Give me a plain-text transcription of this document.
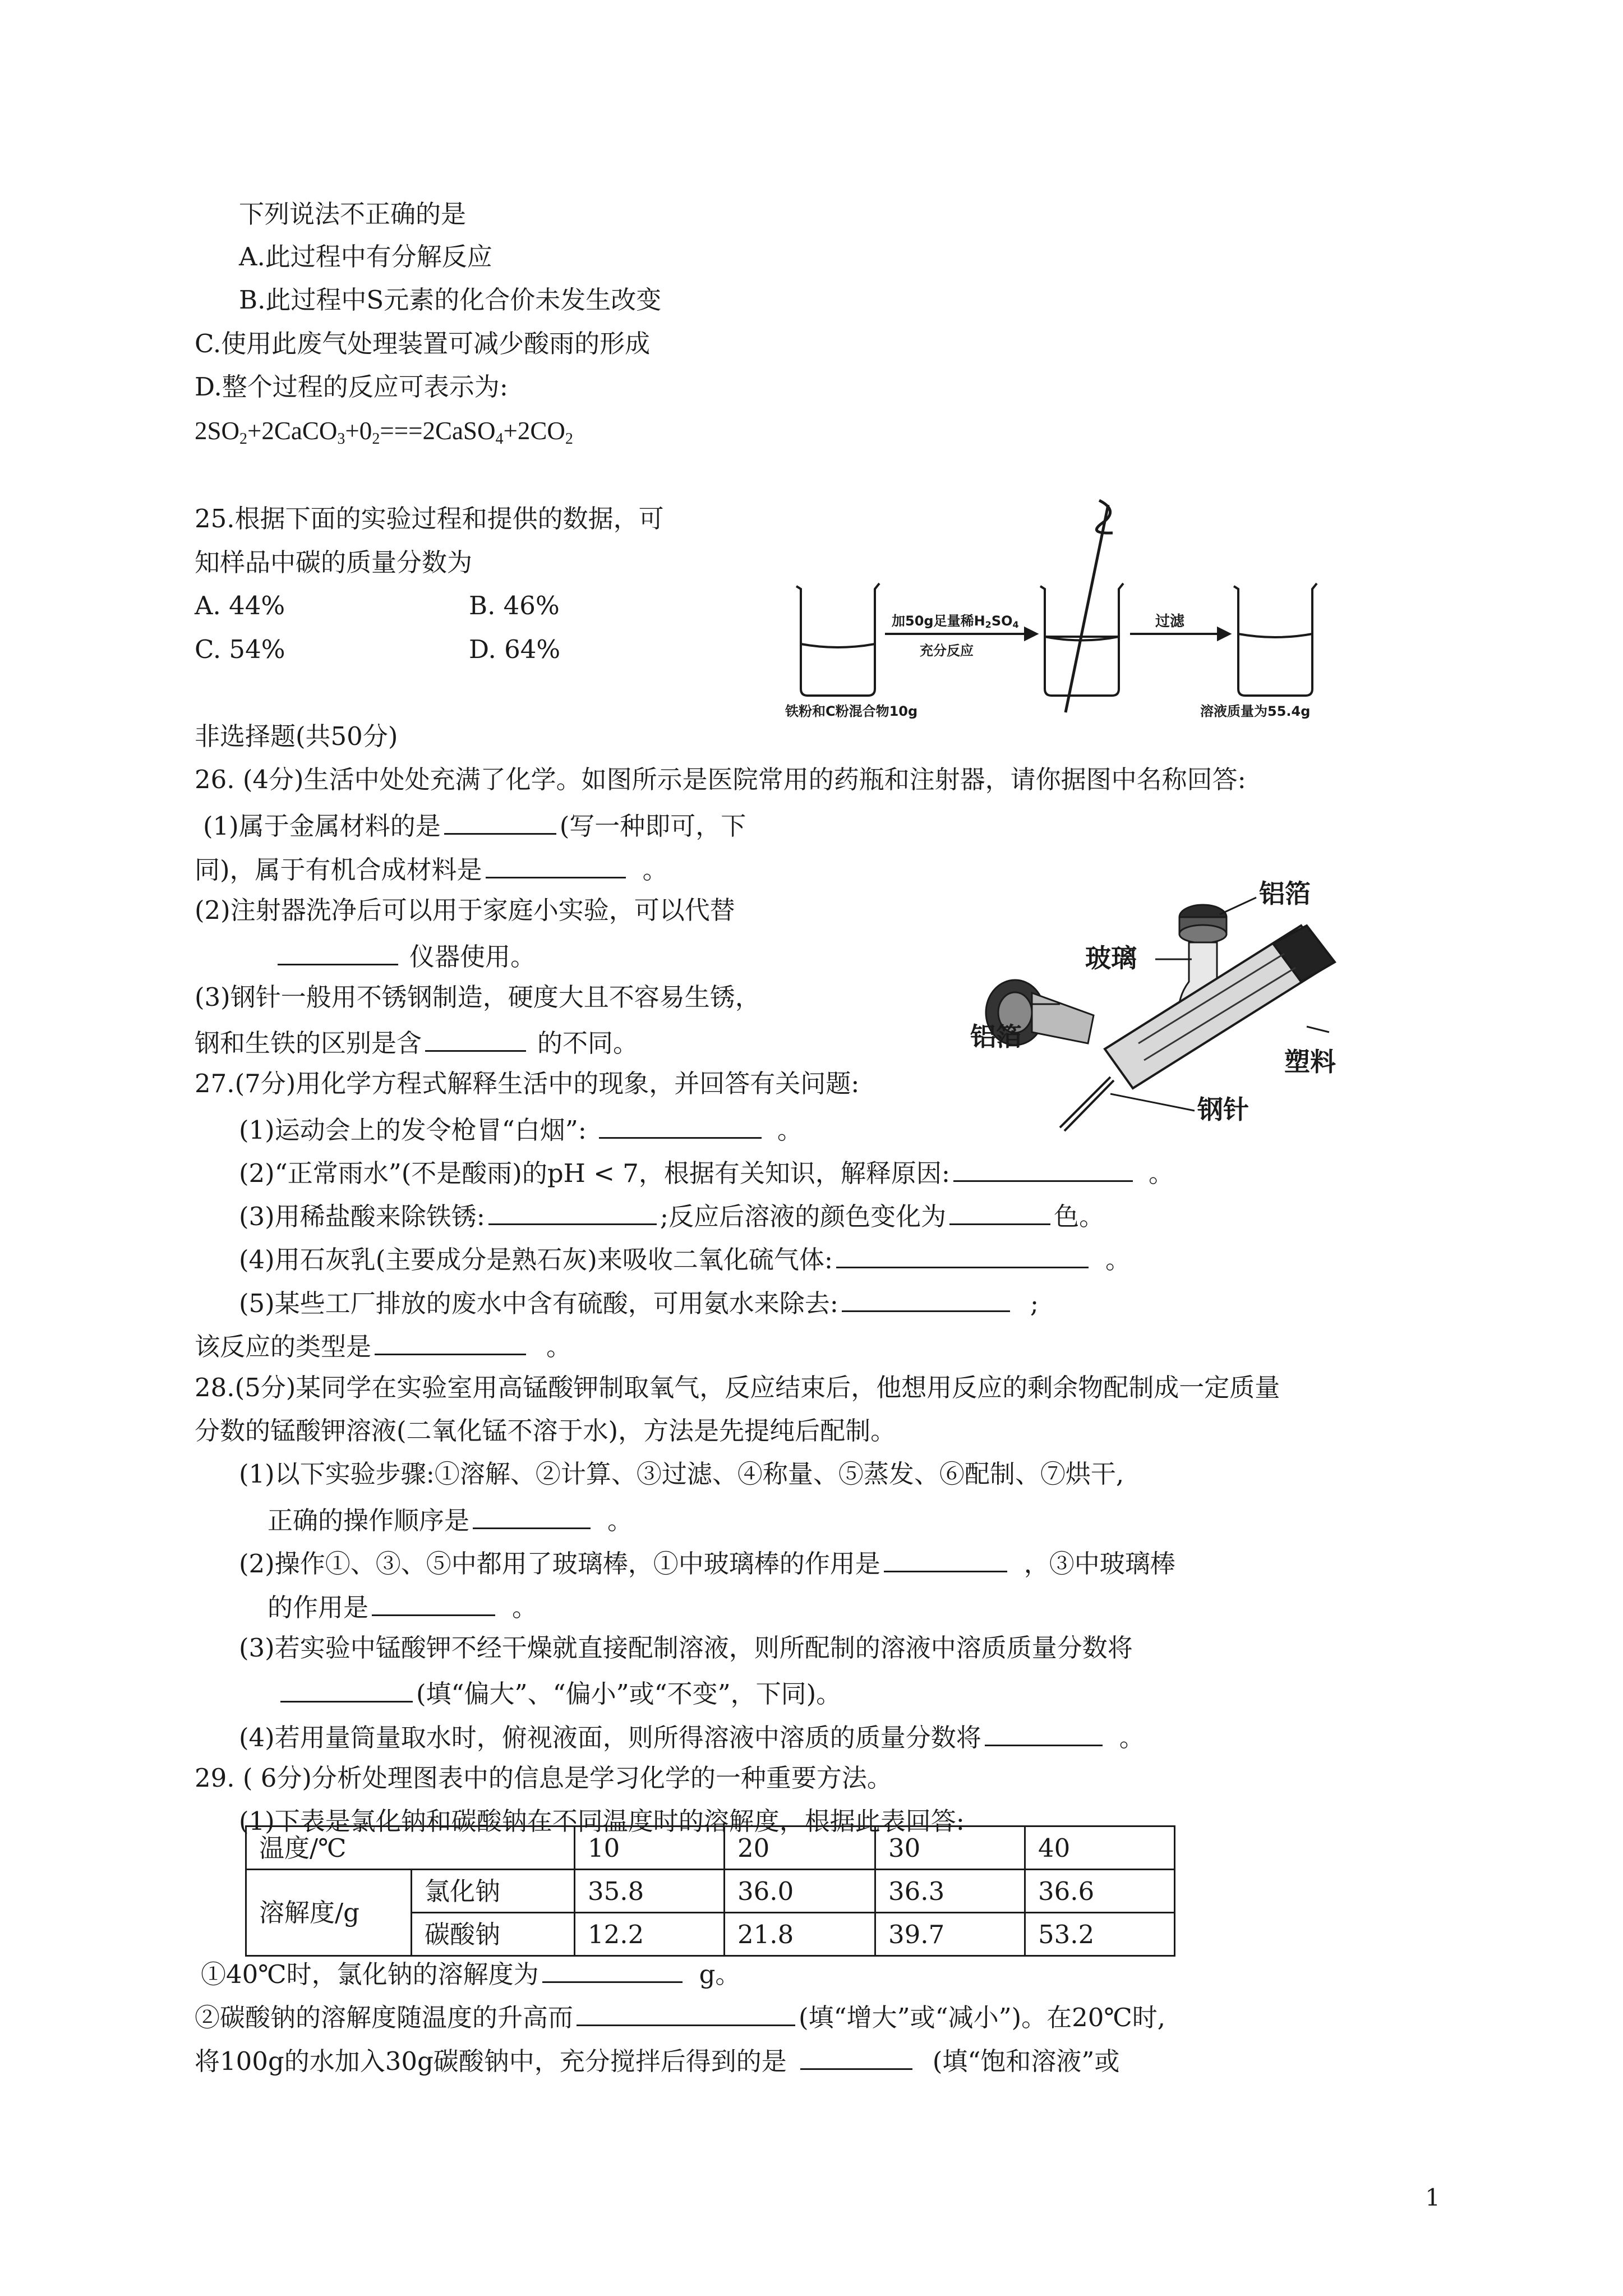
下列说法不正确的是
A.此过程中有分解反应
B.此过程中S元素的化合价未发生改变
C.使用此废气处理装置可减少酸雨的形成
D.整个过程的反应可表示为:
$2SO_2+2CaCO_3+0_2===2CaSO_4+2CO_2$
25.根据下面的实验过程和提供的数据，可
知样品中碳的质量分数为
A. 44%	B. 46%
C. 54%	D. 64%
加50g足量稀$H_2SO_4$
充分反应
过滤
铁粉和C粉混合物10g	溶液质量为55.4g
非选择题(共50分)
26. (4分)生活中处处充满了化学。如图所示是医院常用的药瓶和注射器，请你据图中名称回答:
(1)属于金属材料的是	(写一种即可，下
同)，属于有机合成材料是	。
(2)注射器洗净后可以用于家庭小实验，可以代替
仪器使用。
(3)钢针一般用不锈钢制造，硬度大且不容易生锈，
钢和生铁的区别是含	的不同。
铝箔
玻璃
铝箔
塑料
钢针
27.(7分)用化学方程式解释生活中的现象，并回答有关问题:
(1)运动会上的发令枪冒“白烟”:	。
(2)“正常雨水”(不是酸雨)的pH < 7，根据有关知识，解释原因:	。
(3)用稀盐酸来除铁锈:	;反应后溶液的颜色变化为	色。
(4)用石灰乳(主要成分是熟石灰)来吸收二氧化硫气体:	。
(5)某些工厂排放的废水中含有硫酸，可用氨水来除去:	;
该反应的类型是	。
28.(5分)某同学在实验室用高锰酸钾制取氧气，反应结束后，他想用反应的剩余物配制成一定质量
分数的锰酸钾溶液(二氧化锰不溶于水)，方法是先提纯后配制。
(1)以下实验步骤:①溶解、②计算、③过滤、④称量、⑤蒸发、⑥配制、⑦烘干,
正确的操作顺序是	。
(2)操作①、③、⑤中都用了玻璃棒，①中玻璃棒的作用是	，③中玻璃棒
的作用是	。
(3)若实验中锰酸钾不经干燥就直接配制溶液，则所配制的溶液中溶质质量分数将
(填“偏大”、“偏小”或“不变”，下同)。
(4)若用量筒量取水时，俯视液面，则所得溶液中溶质的质量分数将	。
29. ( 6分)分析处理图表中的信息是学习化学的一种重要方法。
(1)下表是氯化钠和碳酸钠在不同温度时的溶解度，根据此表回答:
温度/℃		10	20	30	40
溶解度/g	氯化钠	35.8	36.0	36.3	36.6
	碳酸钠	12.2	21.8	39.7	53.2
①40℃时，氯化钠的溶解度为	g。
②碳酸钠的溶解度随温度的升高而	(填“增大”或“减小”)。在20℃时,
将100g的水加入30g碳酸钠中，充分搅拌后得到的是	(填“饱和溶液”或
1
